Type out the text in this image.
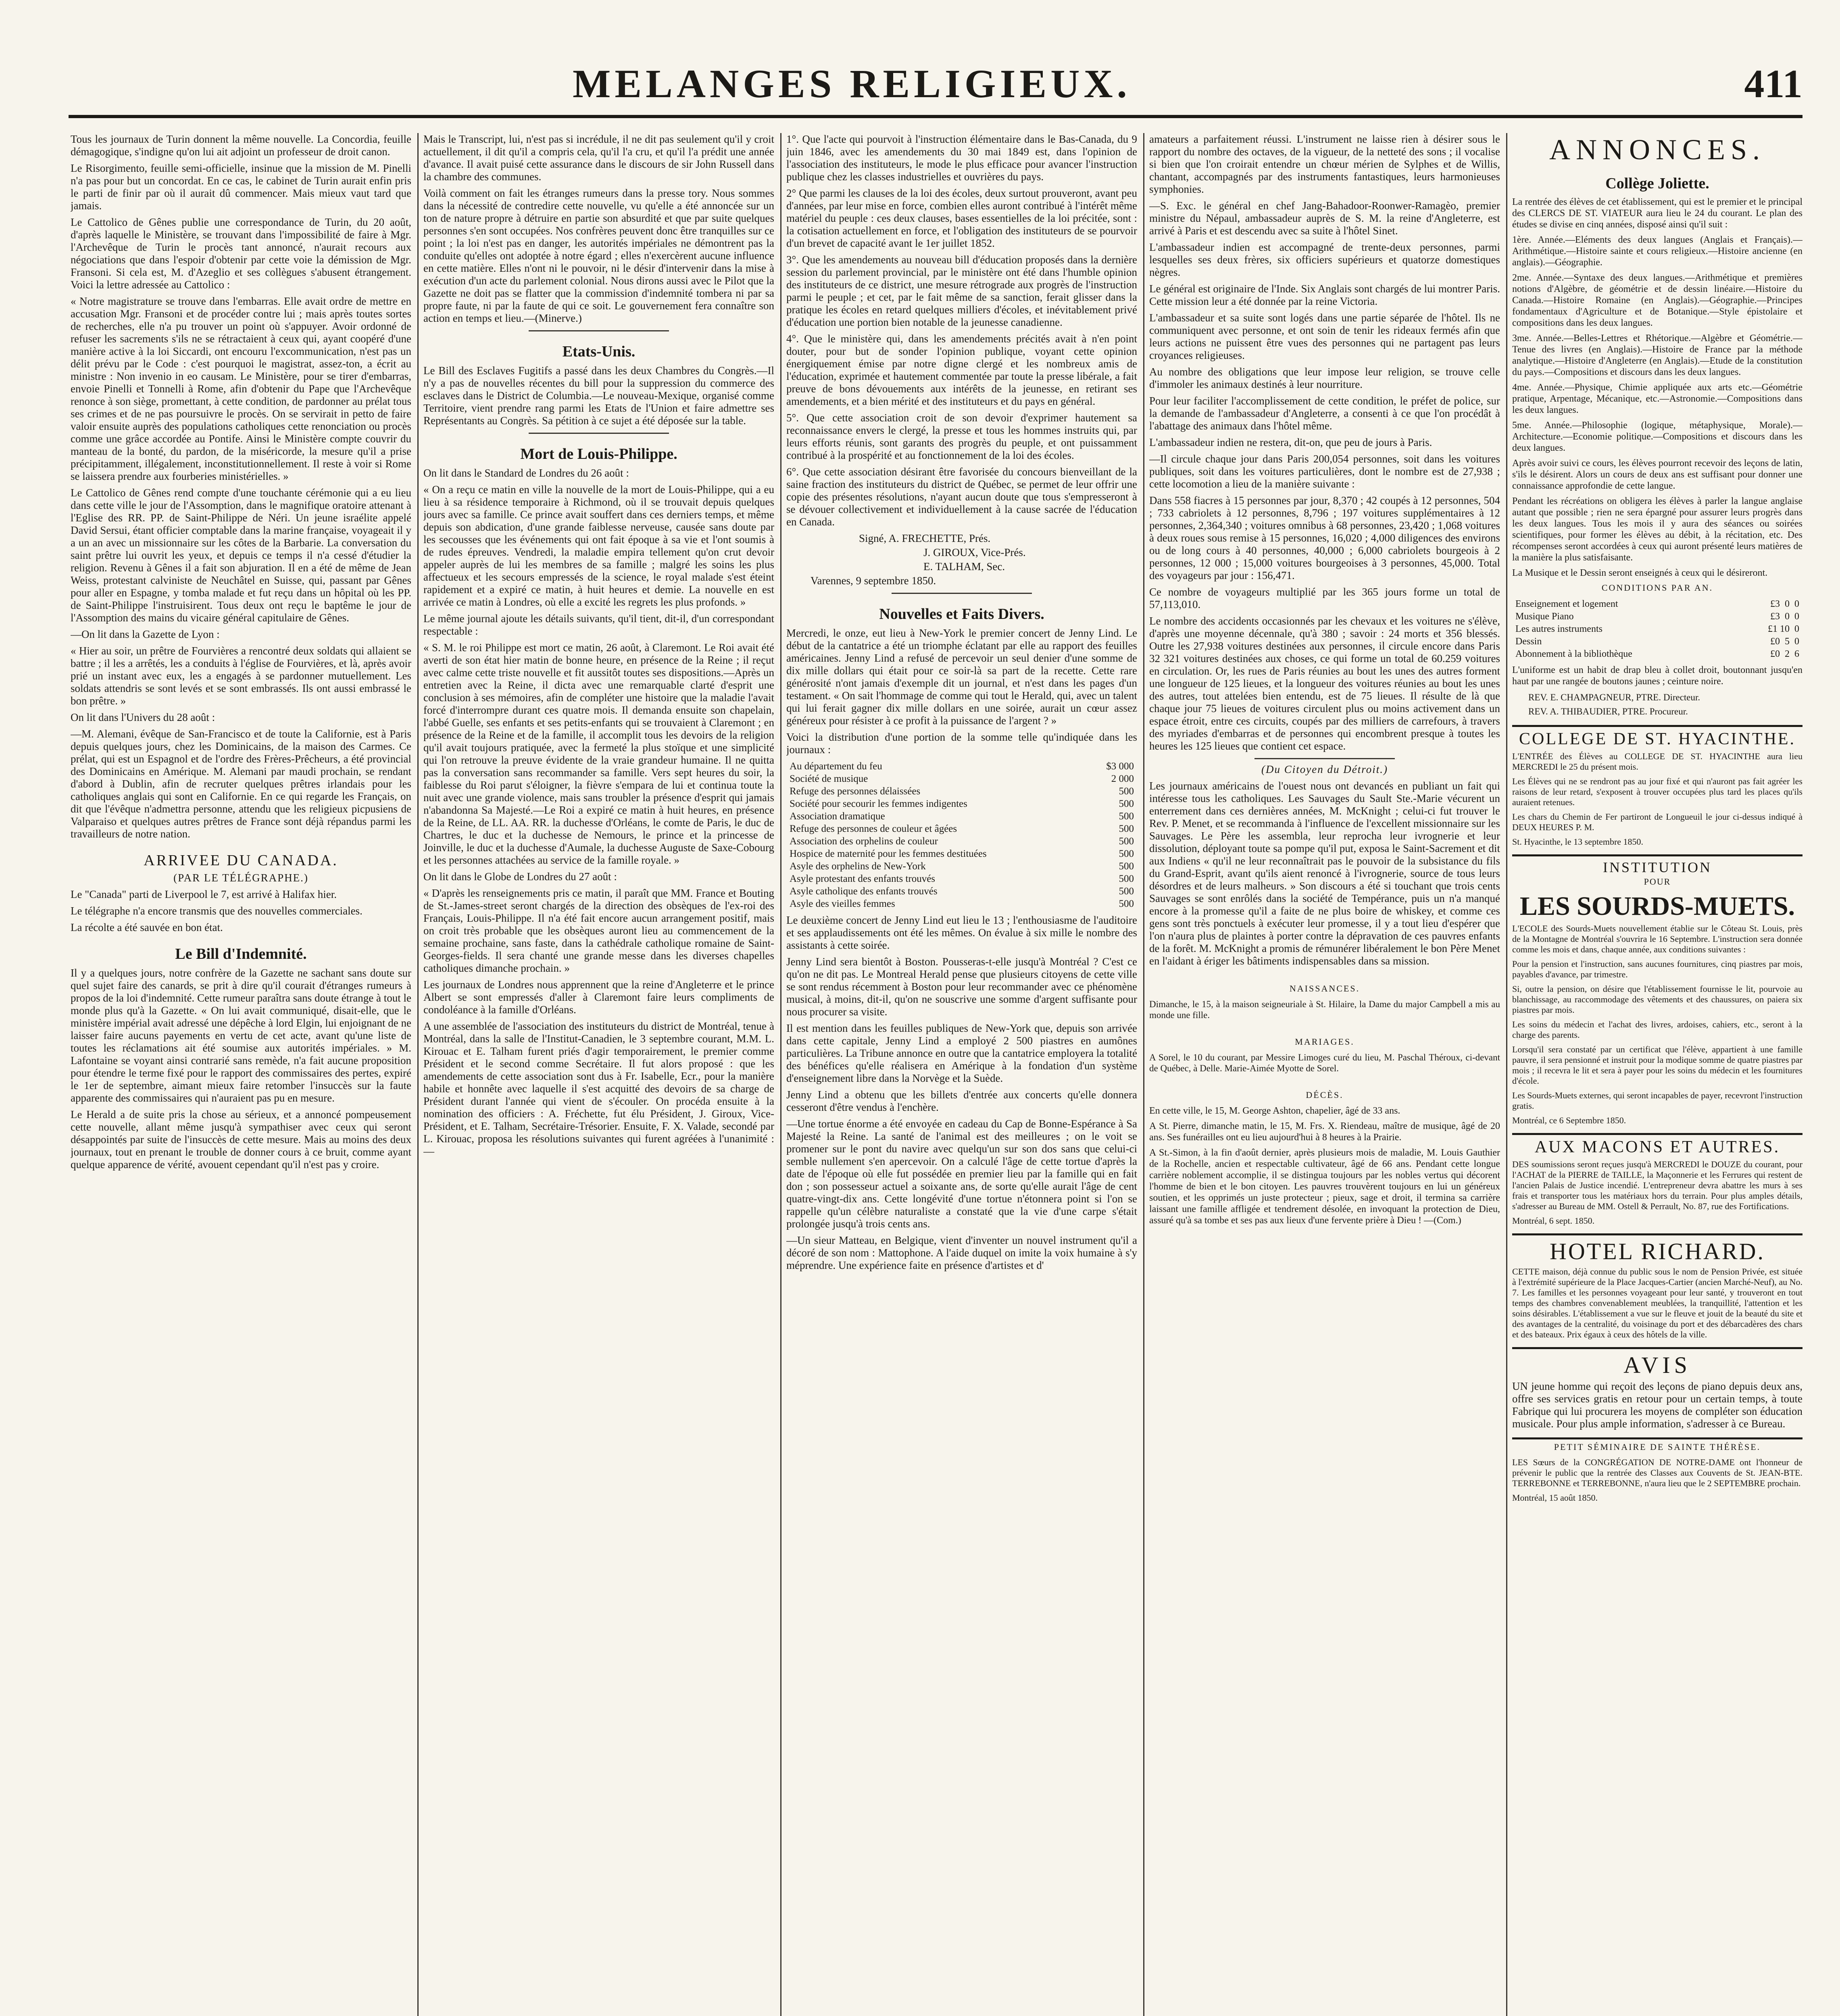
MELANGES RELIGIEUX.	411

Tous les journaux de Turin donnent la même nouvelle. La Concordia, feuille démagogique, s'indigne qu'on lui ait adjoint un professeur de droit canon.

Le Risorgimento, feuille semi-officielle, insinue que la mission de M. Pinelli n'a pas pour but un concordat. En ce cas, le cabinet de Turin aurait enfin pris le parti de finir par où il aurait dû commencer. Mais mieux vaut tard que jamais.

Le Cattolico de Gênes publie une correspondance de Turin, du 20 août, d'après laquelle le Ministère, se trouvant dans l'impossibilité de faire à Mgr. l'Archevêque de Turin le procès tant annoncé, n'aurait recours aux négociations que dans l'espoir d'obtenir par cette voie la démission de Mgr. Fransoni. Si cela est, M. d'Azeglio et ses collègues s'abusent étrangement. Voici la lettre adressée au Cattolico :

« Notre magistrature se trouve dans l'embarras. Elle avait ordre de mettre en accusation Mgr. Fransoni et de procéder contre lui ; mais après toutes sortes de recherches, elle n'a pu trouver un point où s'appuyer. Avoir ordonné de refuser les sacrements s'ils ne se rétractaient à ceux qui, ayant coopéré d'une manière active à la loi Siccardi, ont encouru l'excommunication, n'est pas un délit prévu par le Code : c'est pourquoi le magistrat, assez-ton, a écrit au ministre : Non invenio in eo causam. Le Ministère, pour se tirer d'embarras, envoie Pinelli et Tonnelli à Rome, afin d'obtenir du Pape que l'Archevêque renonce à son siège, promettant, à cette condition, de pardonner au prélat tous ses crimes et de ne pas poursuivre le procès. On se servirait in petto de faire valoir ensuite auprès des populations catholiques cette renonciation ou procès comme une grâce accordée au Pontife. Ainsi le Ministère compte couvrir du manteau de la bonté, du pardon, de la miséricorde, la mesure qu'il a prise précipitamment, illégalement, inconstitutionnellement. Il reste à voir si Rome se laissera prendre aux fourberies ministérielles. »

Le Cattolico de Gênes rend compte d'une touchante cérémonie qui a eu lieu dans cette ville le jour de l'Assomption, dans le magnifique oratoire attenant à l'Eglise des RR. PP. de Saint-Philippe de Néri. Un jeune israélite appelé David Sersui, étant officier comptable dans la marine française, voyageait il y a un an avec un missionnaire sur les côtes de la Barbarie. La conversation du saint prêtre lui ouvrit les yeux, et depuis ce temps il n'a cessé d'étudier la religion. Revenu à Gênes il a fait son abjuration. Il en a été de même de Jean Weiss, protestant calviniste de Neuchâtel en Suisse, qui, passant par Gênes pour aller en Espagne, y tomba malade et fut reçu dans un hôpital où les PP. de Saint-Philippe l'instruisirent. Tous deux ont reçu le baptême le jour de l'Assomption des mains du vicaire général capitulaire de Gênes.

—On lit dans la Gazette de Lyon :

« Hier au soir, un prêtre de Fourvières a rencontré deux soldats qui allaient se battre ; il les a arrêtés, les a conduits à l'église de Fourvières, et là, après avoir prié un instant avec eux, les a engagés à se pardonner mutuellement. Les soldats attendris se sont levés et se sont embrassés. Ils ont aussi embrassé le bon prêtre. »

On lit dans l'Univers du 28 août :

—M. Alemani, évêque de San-Francisco et de toute la Californie, est à Paris depuis quelques jours, chez les Dominicains, de la maison des Carmes. Ce prélat, qui est un Espagnol et de l'ordre des Frères-Prêcheurs, a été provincial des Dominicains en Amérique. M. Alemani par maudi prochain, se rendant d'abord à Dublin, afin de recruter quelques prêtres irlandais pour les catholiques anglais qui sont en Californie. En ce qui regarde les Français, on dit que l'évêque n'admettra personne, attendu que les religieux picpusiens de Valparaiso et quelques autres prêtres de France sont déjà répandus parmi les travailleurs de notre nation.

ARRIVEE DU CANADA.
(PAR LE TÉLÉGRAPHE.)

Le "Canada" parti de Liverpool le 7, est arrivé à Halifax hier.

Le télégraphe n'a encore transmis que des nouvelles commerciales.

La récolte a été sauvée en bon état.

Le Bill d'Indemnité.

Il y a quelques jours, notre confrère de la Gazette ne sachant sans doute sur quel sujet faire des canards, se prit à dire qu'il courait d'étranges rumeurs à propos de la loi d'indemnité. Cette rumeur paraîtra sans doute étrange à tout le monde plus qu'à la Gazette. « On lui avait communiqué, disait-elle, que le ministère impérial avait adressé une dépêche à lord Elgin, lui enjoignant de ne laisser faire aucuns payements en vertu de cet acte, avant qu'une liste de toutes les réclamations ait été soumise aux autorités impériales. » M. Lafontaine se voyant ainsi contrarié sans remède, n'a fait aucune proposition pour étendre le terme fixé pour le rapport des commissaires des pertes, expiré le 1er de septembre, aimant mieux faire retomber l'insuccès sur la faute apparente des commissaires qui n'auraient pas pu en mesure.

Le Herald a de suite pris la chose au sérieux, et a annoncé pompeusement cette nouvelle, allant même jusqu'à sympathiser avec ceux qui seront désappointés par suite de l'insuccès de cette mesure. Mais au moins des deux journaux, tout en prenant le trouble de donner cours à ce bruit, comme ayant quelque apparence de vérité, avouent cependant qu'il n'est pas y croire.

Mais le Transcript, lui, n'est pas si incrédule, il ne dit pas seulement qu'il y croit actuellement, il dit qu'il a compris cela, qu'il l'a cru, et qu'il l'a prédit une année d'avance. Il avait puisé cette assurance dans le discours de sir John Russell dans la chambre des communes.

Voilà comment on fait les étranges rumeurs dans la presse tory. Nous sommes dans la nécessité de contredire cette nouvelle, vu qu'elle a été annoncée sur un ton de nature propre à détruire en partie son absurdité et que par suite quelques personnes s'en sont occupées. Nos confrères peuvent donc être tranquilles sur ce point ; la loi n'est pas en danger, les autorités impériales ne démontrent pas la conduite qu'elles ont adoptée à notre égard ; elles n'exercèrent aucune influence en cette matière. Elles n'ont ni le pouvoir, ni le désir d'intervenir dans la mise à exécution d'un acte du parlement colonial. Nous dirons aussi avec le Pilot que la Gazette ne doit pas se flatter que la commission d'indemnité tombera ni par sa propre faute, ni par la faute de qui ce soit. Le gouvernement fera connaître son action en temps et lieu.—(Minerve.)

Etats-Unis.

Le Bill des Esclaves Fugitifs a passé dans les deux Chambres du Congrès.—Il n'y a pas de nouvelles récentes du bill pour la suppression du commerce des esclaves dans le District de Columbia.—Le nouveau-Mexique, organisé comme Territoire, vient prendre rang parmi les Etats de l'Union et faire admettre ses Représentants au Congrès. Sa pétition à ce sujet a été déposée sur la table.

Mort de Louis-Philippe.

On lit dans le Standard de Londres du 26 août :

« On a reçu ce matin en ville la nouvelle de la mort de Louis-Philippe, qui a eu lieu à sa résidence temporaire à Richmond, où il se trouvait depuis quelques jours avec sa famille. Ce prince avait souffert dans ces derniers temps, et même depuis son abdication, d'une grande faiblesse nerveuse, causée sans doute par les secousses que les événements qui ont fait époque à sa vie et l'ont soumis à de rudes épreuves. Vendredi, la maladie empira tellement qu'on crut devoir appeler auprès de lui les membres de sa famille ; malgré les soins les plus affectueux et les secours empressés de la science, le royal malade s'est éteint rapidement et a expiré ce matin, à huit heures et demie. La nouvelle en est arrivée ce matin à Londres, où elle a excité les regrets les plus profonds. »

Le même journal ajoute les détails suivants, qu'il tient, dit-il, d'un correspondant respectable :

« S. M. le roi Philippe est mort ce matin, 26 août, à Claremont. Le Roi avait été averti de son état hier matin de bonne heure, en présence de la Reine ; il reçut avec calme cette triste nouvelle et fit aussitôt toutes ses dispositions.—Après un entretien avec la Reine, il dicta avec une remarquable clarté d'esprit une conclusion à ses mémoires, afin de compléter une histoire que la maladie l'avait forcé d'interrompre durant ces quatre mois. Il demanda ensuite son chapelain, l'abbé Guelle, ses enfants et ses petits-enfants qui se trouvaient à Claremont ; en présence de la Reine et de la famille, il accomplit tous les devoirs de la religion qu'il avait toujours pratiquée, avec la fermeté la plus stoïque et une simplicité qui l'on retrouve la preuve évidente de la vraie grandeur humaine. Il ne quitta pas la conversation sans recommander sa famille. Vers sept heures du soir, la faiblesse du Roi parut s'éloigner, la fièvre s'empara de lui et continua toute la nuit avec une grande violence, mais sans troubler la présence d'esprit qui jamais n'abandonna Sa Majesté.—Le Roi a expiré ce matin à huit heures, en présence de la Reine, de LL. AA. RR. la duchesse d'Orléans, le comte de Paris, le duc de Chartres, le duc et la duchesse de Nemours, le prince et la princesse de Joinville, le duc et la duchesse d'Aumale, la duchesse Auguste de Saxe-Cobourg et les personnes attachées au service de la famille royale. »

On lit dans le Globe de Londres du 27 août :

« D'après les renseignements pris ce matin, il paraît que MM. France et Bouting de St.-James-street seront chargés de la direction des obsèques de l'ex-roi des Français, Louis-Philippe. Il n'a été fait encore aucun arrangement positif, mais on croit très probable que les obsèques auront lieu au commencement de la semaine prochaine, sans faste, dans la cathédrale catholique romaine de Saint-Georges-fields. Il sera chanté une grande messe dans les diverses chapelles catholiques dimanche prochain. »

Les journaux de Londres nous apprennent que la reine d'Angleterre et le prince Albert se sont empressés d'aller à Claremont faire leurs compliments de condoléance à la famille d'Orléans.

A une assemblée de l'association des instituteurs du district de Montréal, tenue à Montréal, dans la salle de l'Institut-Canadien, le 3 septembre courant, M.M. L. Kirouac et E. Talham furent priés d'agir temporairement, le premier comme Président et le second comme Secrétaire. Il fut alors proposé : que les amendements de cette association sont dus à Fr. Isabelle, Ecr., pour la manière habile et honnête avec laquelle il s'est acquitté des devoirs de sa charge de Président durant l'année qui vient de s'écouler. On procéda ensuite à la nomination des officiers : A. Fréchette, fut élu Président, J. Giroux, Vice-Président, et E. Talham, Secrétaire-Trésorier. Ensuite, F. X. Valade, secondé par L. Kirouac, proposa les résolutions suivantes qui furent agréées à l'unanimité :—

1°. Que l'acte qui pourvoit à l'instruction élémentaire dans le Bas-Canada, du 9 juin 1846, avec les amendements du 30 mai 1849 est, dans l'opinion de l'association des instituteurs, le mode le plus efficace pour avancer l'instruction publique chez les classes industrielles et ouvrières du pays.

2° Que parmi les clauses de la loi des écoles, deux surtout prouveront, avant peu d'années, par leur mise en force, combien elles auront contribué à l'intérêt même matériel du peuple : ces deux clauses, bases essentielles de la loi précitée, sont : la cotisation actuellement en force, et l'obligation des instituteurs de se pourvoir d'un brevet de capacité avant le 1er juillet 1852.

3°. Que les amendements au nouveau bill d'éducation proposés dans la dernière session du parlement provincial, par le ministère ont été dans l'humble opinion des instituteurs de ce district, une mesure rétrograde aux progrès de l'instruction parmi le peuple ; et cet, par le fait même de sa sanction, ferait glisser dans la pratique les écoles en retard quelques milliers d'écoles, et inévitablement privé d'éducation une portion bien notable de la jeunesse canadienne.

4°. Que le ministère qui, dans les amendements précités avait à n'en point douter, pour but de sonder l'opinion publique, voyant cette opinion énergiquement émise par notre digne clergé et les nombreux amis de l'éducation, exprimée et hautement commentée par toute la presse libérale, a fait preuve de bons dévouements aux intérêts de la jeunesse, en retirant ses amendements, et a bien mérité et des instituteurs et du pays en général.

5°. Que cette association croit de son devoir d'exprimer hautement sa reconnaissance envers le clergé, la presse et tous les hommes instruits qui, par leurs efforts réunis, sont garants des progrès du peuple, et ont puissamment contribué à la prospérité et au fonctionnement de la loi des écoles.

6°. Que cette association désirant être favorisée du concours bienveillant de la saine fraction des instituteurs du district de Québec, se permet de leur offrir une copie des présentes résolutions, n'ayant aucun doute que tous s'empresseront à se dévouer collectivement et individuellement à la cause sacrée de l'éducation en Canada.

Signé, A. FRECHETTE, Prés.
J. GIROUX, Vice-Prés.
E. TALHAM, Sec.
Varennes, 9 septembre 1850.
Nouvelles et Faits Divers.

Mercredi, le onze, eut lieu à New-York le premier concert de Jenny Lind. Le début de la cantatrice a été un triomphe éclatant par elle au rapport des feuilles américaines. Jenny Lind a refusé de percevoir un seul denier d'une somme de dix mille dollars qui était pour ce soir-là sa part de la recette. Cette rare générosité n'ont jamais d'exemple dit un journal, et n'est dans les pages d'un testament. « On sait l'hommage de comme qui tout le Herald, qui, avec un talent qui lui ferait gagner dix mille dollars en une soirée, aurait un cœur assez généreux pour résister à ce profit à la puissance de l'argent ? »

Voici la distribution d'une portion de la somme telle qu'indiquée dans les journaux :

Au département du feu	$3 000
Société de musique	2 000
Refuge des personnes délaissées	500
Société pour secourir les femmes indigentes	500
Association dramatique	500
Refuge des personnes de couleur et âgées	500
Association des orphelins de couleur	500
Hospice de maternité pour les femmes destituées	500
Asyle des orphelins de New-York	500
Asyle protestant des enfants trouvés	500
Asyle catholique des enfants trouvés	500
Asyle des vieilles femmes	500

Le deuxième concert de Jenny Lind eut lieu le 13 ; l'enthousiasme de l'auditoire et ses applaudissements ont été les mêmes. On évalue à six mille le nombre des assistants à cette soirée.

Jenny Lind sera bientôt à Boston. Pousseras-t-elle jusqu'à Montréal ? C'est ce qu'on ne dit pas. Le Montreal Herald pense que plusieurs citoyens de cette ville se sont rendus récemment à Boston pour leur recommander avec ce phénomène musical, à moins, dit-il, qu'on ne souscrive une somme d'argent suffisante pour nous procurer sa visite.

Il est mention dans les feuilles publiques de New-York que, depuis son arrivée dans cette capitale, Jenny Lind a employé 2 500 piastres en aumônes particulières. La Tribune annonce en outre que la cantatrice employera la totalité des bénéfices qu'elle réalisera en Amérique à la fondation d'un système d'enseignement libre dans la Norvège et la Suède.

Jenny Lind a obtenu que les billets d'entrée aux concerts qu'elle donnera cesseront d'être vendus à l'enchère.

—Une tortue énorme a été envoyée en cadeau du Cap de Bonne-Espérance à Sa Majesté la Reine. La santé de l'animal est des meilleures ; on le voit se promener sur le pont du navire avec quelqu'un sur son dos sans que celui-ci semble nullement s'en apercevoir. On a calculé l'âge de cette tortue d'après la date de l'époque où elle fut possédée en premier lieu par la famille qui en fait don ; son possesseur actuel a soixante ans, de sorte qu'elle aurait l'âge de cent quatre-vingt-dix ans. Cette longévité d'une tortue n'étonnera point si l'on se rappelle qu'un célèbre naturaliste a constaté que la vie d'une carpe s'était prolongée jusqu'à trois cents ans.

—Un sieur Matteau, en Belgique, vient d'inventer un nouvel instrument qu'il a décoré de son nom : Mattophone. A l'aide duquel on imite la voix humaine à s'y méprendre. Une expérience faite en présence d'artistes et d'

amateurs a parfaitement réussi. L'instrument ne laisse rien à désirer sous le rapport du nombre des octaves, de la vigueur, de la netteté des sons ; il vocalise si bien que l'on croirait entendre un chœur mérien de Sylphes et de Willis, chantant, accompagnés par des instruments fantastiques, leurs harmonieuses symphonies.

—S. Exc. le général en chef Jang-Bahadoor-Roonwer-Ramagèo, premier ministre du Népaul, ambassadeur auprès de S. M. la reine d'Angleterre, est arrivé à Paris et est descendu avec sa suite à l'hôtel Sinet.

L'ambassadeur indien est accompagné de trente-deux personnes, parmi lesquelles ses deux frères, six officiers supérieurs et quatorze domestiques nègres.

Le général est originaire de l'Inde. Six Anglais sont chargés de lui montrer Paris. Cette mission leur a été donnée par la reine Victoria.

L'ambassadeur et sa suite sont logés dans une partie séparée de l'hôtel. Ils ne communiquent avec personne, et ont soin de tenir les rideaux fermés afin que leurs actions ne puissent être vues des personnes qui ne partagent pas leurs croyances religieuses.

Au nombre des obligations que leur impose leur religion, se trouve celle d'immoler les animaux destinés à leur nourriture.

Pour leur faciliter l'accomplissement de cette condition, le préfet de police, sur la demande de l'ambassadeur d'Angleterre, a consenti à ce que l'on procédât à l'abattage des animaux dans l'hôtel même.

L'ambassadeur indien ne restera, dit-on, que peu de jours à Paris.

—Il circule chaque jour dans Paris 200,054 personnes, soit dans les voitures publiques, soit dans les voitures particulières, dont le nombre est de 27,938 ; cette locomotion a lieu de la manière suivante :

Dans 558 fiacres à 15 personnes par jour, 8,370 ; 42 coupés à 12 personnes, 504 ; 733 cabriolets à 12 personnes, 8,796 ; 197 voitures supplémentaires à 12 personnes, 2,364,340 ; voitures omnibus à 68 personnes, 23,420 ; 1,068 voitures à deux roues sous remise à 15 personnes, 16,020 ; 4,000 diligences des environs ou de long cours à 40 personnes, 40,000 ; 6,000 cabriolets bourgeois à 2 personnes, 12 000 ; 15,000 voitures bourgeoises à 3 personnes, 45,000. Total des voyageurs par jour : 156,471.

Ce nombre de voyageurs multiplié par les 365 jours forme un total de 57,113,010.

Le nombre des accidents occasionnés par les chevaux et les voitures ne s'élève, d'après une moyenne décennale, qu'à 380 ; savoir : 24 morts et 356 blessés. Outre les 27,938 voitures destinées aux personnes, il circule encore dans Paris 32 321 voitures destinées aux choses, ce qui forme un total de 60.259 voitures en circulation. Or, les rues de Paris réunies au bout les unes des autres forment une longueur de 125 lieues, et la longueur des voitures réunies au bout les unes des autres, tout attelées bien entendu, est de 75 lieues. Il résulte de là que chaque jour 75 lieues de voitures circulent plus ou moins activement dans un espace étroit, entre ces circuits, coupés par des milliers de carrefours, à travers des myriades d'embarras et de personnes qui encombrent presque à toutes les heures les 125 lieues que contient cet espace.

(Du Citoyen du Détroit.)

Les journaux américains de l'ouest nous ont devancés en publiant un fait qui intéresse tous les catholiques. Les Sauvages du Sault Ste.-Marie vécurent un enterrement dans ces dernières années, M. McKnight ; celui-ci fut trouver le Rev. P. Menet, et se recommanda à l'influence de l'excellent missionnaire sur les Sauvages. Le Père les assembla, leur reprocha leur ivrognerie et leur dissolution, déployant toute sa pompe qu'il put, exposa le Saint-Sacrement et dit aux Indiens « qu'il ne leur reconnaîtrait pas le pouvoir de la subsistance du fils du Grand-Esprit, avant qu'ils aient renoncé à l'ivrognerie, source de tous leurs désordres et de leurs malheurs. » Son discours a été si touchant que trois cents Sauvages se sont enrôlés dans la société de Tempérance, puis un n'a manqué encore à la promesse qu'il a faite de ne plus boire de whiskey, et comme ces gens sont très ponctuels à exécuter leur promesse, il y a tout lieu d'espérer que l'on n'aura plus de plaintes à porter contre la dépravation de ces pauvres enfants de la forêt. M. McKnight a promis de rémunérer libéralement le bon Père Menet en l'aidant à ériger les bâtiments indispensables dans sa mission.

NAISSANCES.

Dimanche, le 15, à la maison seigneuriale à St. Hilaire, la Dame du major Campbell a mis au monde une fille.

MARIAGES.

A Sorel, le 10 du courant, par Messire Limoges curé du lieu, M. Paschal Théroux, ci-devant de Québec, à Delle. Marie-Aimée Myotte de Sorel.

DÉCÈS.

En cette ville, le 15, M. George Ashton, chapelier, âgé de 33 ans.

A St. Pierre, dimanche matin, le 15, M. Frs. X. Riendeau, maître de musique, âgé de 20 ans. Ses funérailles ont eu lieu aujourd'hui à 8 heures à la Prairie.

A St.-Simon, à la fin d'août dernier, après plusieurs mois de maladie, M. Louis Gauthier de la Rochelle, ancien et respectable cultivateur, âgé de 66 ans. Pendant cette longue carrière noblement accomplie, il se distingua toujours par les nobles vertus qui décorent l'homme de bien et le bon citoyen. Les pauvres trouvèrent toujours en lui un généreux soutien, et les opprimés un juste protecteur ; pieux, sage et droit, il termina sa carrière laissant une famille affligée et tendrement désolée, en invoquant la protection de Dieu, assuré qu'à sa tombe et ses pas aux lieux d'une fervente prière à Dieu ! —(Com.)

ANNONCES.
Collège Joliette.

La rentrée des élèves de cet établissement, qui est le premier et le principal des CLERCS DE ST. VIATEUR aura lieu le 24 du courant. Le plan des études se divise en cinq années, disposé ainsi qu'il suit :

1ère. Année.—Eléments des deux langues (Anglais et Français).—Arithmétique.—Histoire sainte et cours religieux.—Histoire ancienne (en anglais).—Géographie.

2me. Année.—Syntaxe des deux langues.—Arithmétique et premières notions d'Algèbre, de géométrie et de dessin linéaire.—Histoire du Canada.—Histoire Romaine (en Anglais).—Géographie.—Principes fondamentaux d'Agriculture et de Botanique.—Style épistolaire et compositions dans les deux langues.

3me. Année.—Belles-Lettres et Rhétorique.—Algèbre et Géométrie.—Tenue des livres (en Anglais).—Histoire de France par la méthode analytique.—Histoire d'Angleterre (en Anglais).—Etude de la constitution du pays.—Compositions et discours dans les deux langues.

4me. Année.—Physique, Chimie appliquée aux arts etc.—Géométrie pratique, Arpentage, Mécanique, etc.—Astronomie.—Compositions dans les deux langues.

5me. Année.—Philosophie (logique, métaphysique, Morale).—Architecture.—Economie politique.—Compositions et discours dans les deux langues.

Après avoir suivi ce cours, les élèves pourront recevoir des leçons de latin, s'ils le désirent. Alors un cours de deux ans est suffisant pour donner une connaissance approfondie de cette langue.

Pendant les récréations on obligera les élèves à parler la langue anglaise autant que possible ; rien ne sera épargné pour assurer leurs progrès dans les deux langues. Tous les mois il y aura des séances ou soirées scientifiques, pour former les élèves au débit, à la récitation, etc. Des récompenses seront accordées à ceux qui auront présenté leurs matières de la manière la plus satisfaisante.

La Musique et le Dessin seront enseignés à ceux qui le désireront.

CONDITIONS PAR AN.
Enseignement et logement	£3  0  0
Musique Piano	£3  0  0
Les autres instruments	£1 10  0
Dessin	£0  5  0
Abonnement à la bibliothèque	£0  2  6

L'uniforme est un habit de drap bleu à collet droit, boutonnant jusqu'en haut par une rangée de boutons jaunes ; ceinture noire.

REV. E. CHAMPAGNEUR, PTRE. Directeur.
REV. A. THIBAUDIER, PTRE. Procureur.
COLLEGE DE ST. HYACINTHE.

L'ENTRÉE des Élèves au COLLEGE DE ST. HYACINTHE aura lieu MERCREDI le 25 du présent mois.

Les Élèves qui ne se rendront pas au jour fixé et qui n'auront pas fait agréer les raisons de leur retard, s'exposent à trouver occupées plus tard les places qu'ils auraient retenues.

Les chars du Chemin de Fer partiront de Longueuil le jour ci-dessus indiqué à DEUX HEURES P. M.

St. Hyacinthe, le 13 septembre 1850.

INSTITUTION
POUR
LES SOURDS-MUETS.

L'ECOLE des Sourds-Muets nouvellement établie sur le Côteau St. Louis, près de la Montagne de Montréal s'ouvrira le 16 Septembre. L'instruction sera donnée comme les mois et dans, chaque année, aux conditions suivantes :

Pour la pension et l'instruction, sans aucunes fournitures, cinq piastres par mois, payables d'avance, par trimestre.

Si, outre la pension, on désire que l'établissement fournisse le lit, pourvoie au blanchissage, au raccommodage des vêtements et des chaussures, on paiera six piastres par mois.

Les soins du médecin et l'achat des livres, ardoises, cahiers, etc., seront à la charge des parents.

Lorsqu'il sera constaté par un certificat que l'élève, appartient à une famille pauvre, il sera pensionné et instruit pour la modique somme de quatre piastres par mois ; il recevra le lit et sera à payer pour les soins du médecin et les fournitures d'école.

Les Sourds-Muets externes, qui seront incapables de payer, recevront l'instruction gratis.

Montréal, ce 6 Septembre 1850.

AUX MACONS ET AUTRES.

DES soumissions seront reçues jusqu'à MERCREDI le DOUZE du courant, pour l'ACHAT de la PIERRE de TAILLE, la Maçonnerie et les Ferrures qui restent de l'ancien Palais de Justice incendié. L'entrepreneur devra abattre les murs à ses frais et transporter tous les matériaux hors du terrain. Pour plus amples détails, s'adresser au Bureau de MM. Ostell & Perrault, No. 87, rue des Fortifications.

Montréal, 6 sept. 1850.

HOTEL RICHARD.

CETTE maison, déjà connue du public sous le nom de Pension Privée, est située à l'extrémité supérieure de la Place Jacques-Cartier (ancien Marché-Neuf), au No. 7. Les familles et les personnes voyageant pour leur santé, y trouveront en tout temps des chambres convenablement meublées, la tranquillité, l'attention et les soins désirables. L'établissement a vue sur le fleuve et jouit de la beauté du site et des avantages de la centralité, du voisinage du port et des débarcadères des chars et des bateaux. Prix égaux à ceux des hôtels de la ville.

AVIS

UN jeune homme qui reçoit des leçons de piano depuis deux ans, offre ses services gratis en retour pour un certain temps, à toute Fabrique qui lui procurera les moyens de compléter son éducation musicale. Pour plus ample information, s'adresser à ce Bureau.

PETIT SÉMINAIRE DE SAINTE THÉRÈSE.

LES Sœurs de la CONGRÉGATION DE NOTRE-DAME ont l'honneur de prévenir le public que la rentrée des Classes aux Couvents de St. JEAN-BTE. TERREBONNE et TERREBONNE, n'aura lieu que le 2 SEPTEMBRE prochain.

Montréal, 15 août 1850.
